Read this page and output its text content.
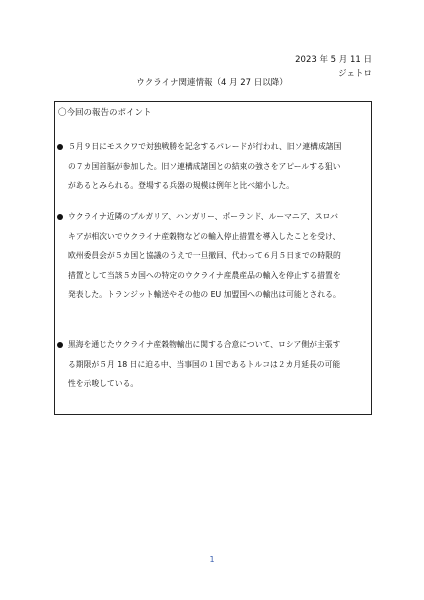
2023 年 5 月 11 日
ジェトロ
ウクライナ関連情報（4 月 27 日以降）
〇今回の報告のポイント
５月９日にモスクワで対独戦勝を記念するパレードが行われ、旧ソ連構成諸国
の７カ国首脳が参加した。旧ソ連構成諸国との結束の強さをアピールする狙い
があるとみられる。登場する兵器の規模は例年と比べ縮小した。
ウクライナ近隣のブルガリア、ハンガリー、ポーランド、ルーマニア、スロバ
キアが相次いでウクライナ産穀物などの輸入停止措置を導入したことを受け、
欧州委員会が５カ国と協議のうえで一旦撤回、代わって６月５日までの時限的
措置として当該５カ国への特定のウクライナ産農産品の輸入を停止する措置を
発表した。トランジット輸送やその他の EU 加盟国への輸出は可能とされる。
黒海を通じたウクライナ産穀物輸出に関する合意について、ロシア側が主張す
る期限が５月 18 日に迫る中、当事国の１国であるトルコは２カ月延長の可能
性を示唆している。
1
